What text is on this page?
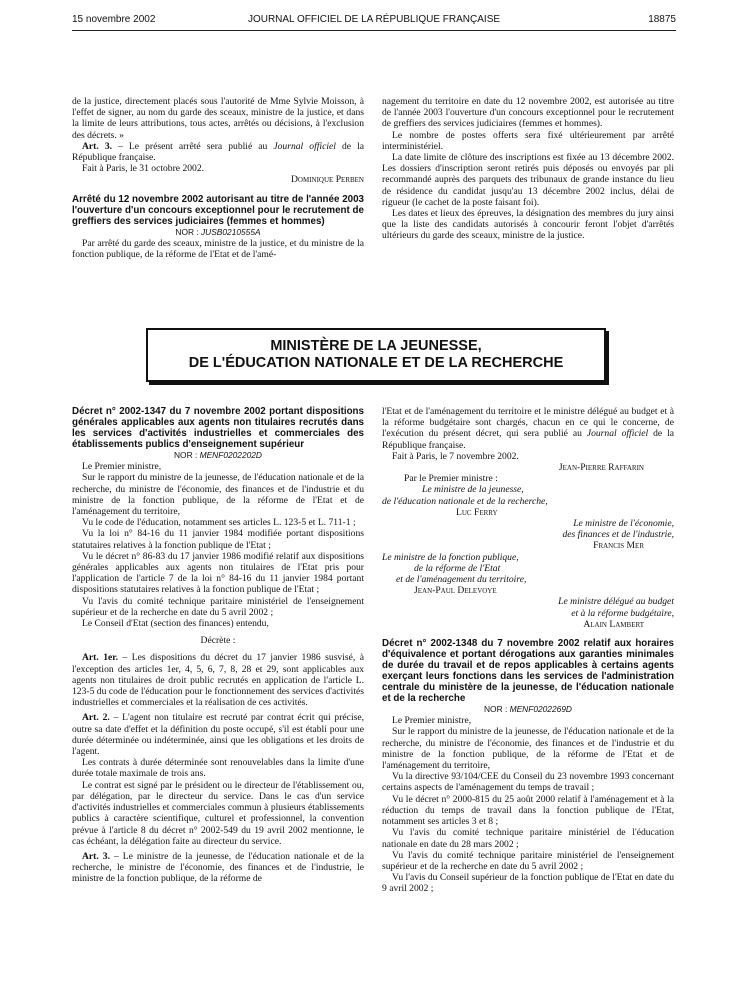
15 novembre 2002	JOURNAL OFFICIEL DE LA RÉPUBLIQUE FRANÇAISE	18875

de la justice, directement placés sous l'autorité de Mme Sylvie Moisson, à l'effet de signer, au nom du garde des sceaux, ministre de la justice, et dans la limite de leurs attributions, tous actes, arrêtés ou décisions, à l'exclusion des décrets. »

Art. 3. – Le présent arrêté sera publié au Journal officiel de la République française.

Fait à Paris, le 31 octobre 2002.

Dominique Perben

Arrêté du 12 novembre 2002 autorisant au titre de l'année 2003 l'ouverture d'un concours exceptionnel pour le recrutement de greffiers des services judiciaires (femmes et hommes)

NOR : JUSB0210555A

Par arrêté du garde des sceaux, ministre de la justice, et du ministre de la fonction publique, de la réforme de l'Etat et de l'amé-

nagement du territoire en date du 12 novembre 2002, est autorisée au titre de l'année 2003 l'ouverture d'un concours exceptionnel pour le recrutement de greffiers des services judiciaires (femmes et hommes).

Le nombre de postes offerts sera fixé ultérieurement par arrêté interministériel.

La date limite de clôture des inscriptions est fixée au 13 décembre 2002. Les dossiers d'inscription seront retirés puis déposés ou envoyés par pli recommandé auprès des parquets des tribunaux de grande instance du lieu de résidence du candidat jusqu'au 13 décembre 2002 inclus, délai de rigueur (le cachet de la poste faisant foi).

Les dates et lieux des épreuves, la désignation des membres du jury ainsi que la liste des candidats autorisés à concourir feront l'objet d'arrêtés ultérieurs du garde des sceaux, ministre de la justice.

MINISTÈRE DE LA JEUNESSE,
DE L'ÉDUCATION NATIONALE ET DE LA RECHERCHE

Décret n° 2002-1347 du 7 novembre 2002 portant dispositions générales applicables aux agents non titulaires recrutés dans les services d'activités industrielles et commerciales des établissements publics d'enseignement supérieur

NOR : MENF0202202D

Le Premier ministre,

Sur le rapport du ministre de la jeunesse, de l'éducation nationale et de la recherche, du ministre de l'économie, des finances et de l'industrie et du ministre de la fonction publique, de la réforme de l'Etat et de l'aménagement du territoire,

Vu le code de l'éducation, notamment ses articles L. 123-5 et L. 711-1 ;

Vu la loi n° 84-16 du 11 janvier 1984 modifiée portant dispositions statutaires relatives à la fonction publique de l'Etat ;

Vu le décret n° 86-83 du 17 janvier 1986 modifié relatif aux dispositions générales applicables aux agents non titulaires de l'Etat pris pour l'application de l'article 7 de la loi n° 84-16 du 11 janvier 1984 portant dispositions statutaires relatives à la fonction publique de l'Etat ;

Vu l'avis du comité technique paritaire ministériel de l'enseignement supérieur et de la recherche en date du 5 avril 2002 ;

Le Conseil d'Etat (section des finances) entendu,

Décrète :

Art. 1er. – Les dispositions du décret du 17 janvier 1986 susvisé, à l'exception des articles 1er, 4, 5, 6, 7, 8, 28 et 29, sont applicables aux agents non titulaires de droit public recrutés en application de l'article L. 123-5 du code de l'éducation pour le fonctionnement des services d'activités industrielles et commerciales et la réalisation de ces activités.

Art. 2. – L'agent non titulaire est recruté par contrat écrit qui précise, outre sa date d'effet et la définition du poste occupé, s'il est établi pour une durée déterminée ou indéterminée, ainsi que les obligations et les droits de l'agent.

Les contrats à durée déterminée sont renouvelables dans la limite d'une durée totale maximale de trois ans.

Le contrat est signé par le président ou le directeur de l'établissement ou, par délégation, par le directeur du service. Dans le cas d'un service d'activités industrielles et commerciales commun à plusieurs établissements publics à caractère scientifique, culturel et professionnel, la convention prévue à l'article 8 du décret n° 2002-549 du 19 avril 2002 mentionne, le cas échéant, la délégation faite au directeur du service.

Art. 3. – Le ministre de la jeunesse, de l'éducation nationale et de la recherche, le ministre de l'économie, des finances et de l'industrie, le ministre de la fonction publique, de la réforme de

l'Etat et de l'aménagement du territoire et le ministre délégué au budget et à la réforme budgétaire sont chargés, chacun en ce qui le concerne, de l'exécution du présent décret, qui sera publié au Journal officiel de la République française.

Fait à Paris, le 7 novembre 2002.

Jean-Pierre Raffarin

Par le Premier ministre :

Le ministre de la jeunesse,

de l'éducation nationale et de la recherche,

Luc Ferry

Le ministre de l'économie,

des finances et de l'industrie,

Francis Mer

Le ministre de la fonction publique,

de la réforme de l'Etat

et de l'aménagement du territoire,

Jean-Paul Delevoye

Le ministre délégué au budget

et à la réforme budgétaire,

Alain Lambert

Décret n° 2002-1348 du 7 novembre 2002 relatif aux horaires d'équivalence et portant dérogations aux garanties minimales de durée du travail et de repos applicables à certains agents exerçant leurs fonctions dans les services de l'administration centrale du ministère de la jeunesse, de l'éducation nationale et de la recherche

NOR : MENF0202269D

Le Premier ministre,

Sur le rapport du ministre de la jeunesse, de l'éducation nationale et de la recherche, du ministre de l'économie, des finances et de l'industrie et du ministre de la fonction publique, de la réforme de l'Etat et de l'aménagement du territoire,

Vu la directive 93/104/CEE du Conseil du 23 novembre 1993 concernant certains aspects de l'aménagement du temps de travail ;

Vu le décret n° 2000-815 du 25 août 2000 relatif à l'aménagement et à la réduction du temps de travail dans la fonction publique de l'Etat, notamment ses articles 3 et 8 ;

Vu l'avis du comité technique paritaire ministériel de l'éducation nationale en date du 28 mars 2002 ;

Vu l'avis du comité technique paritaire ministériel de l'enseignement supérieur et de la recherche en date du 5 avril 2002 ;

Vu l'avis du Conseil supérieur de la fonction publique de l'Etat en date du 9 avril 2002 ;
